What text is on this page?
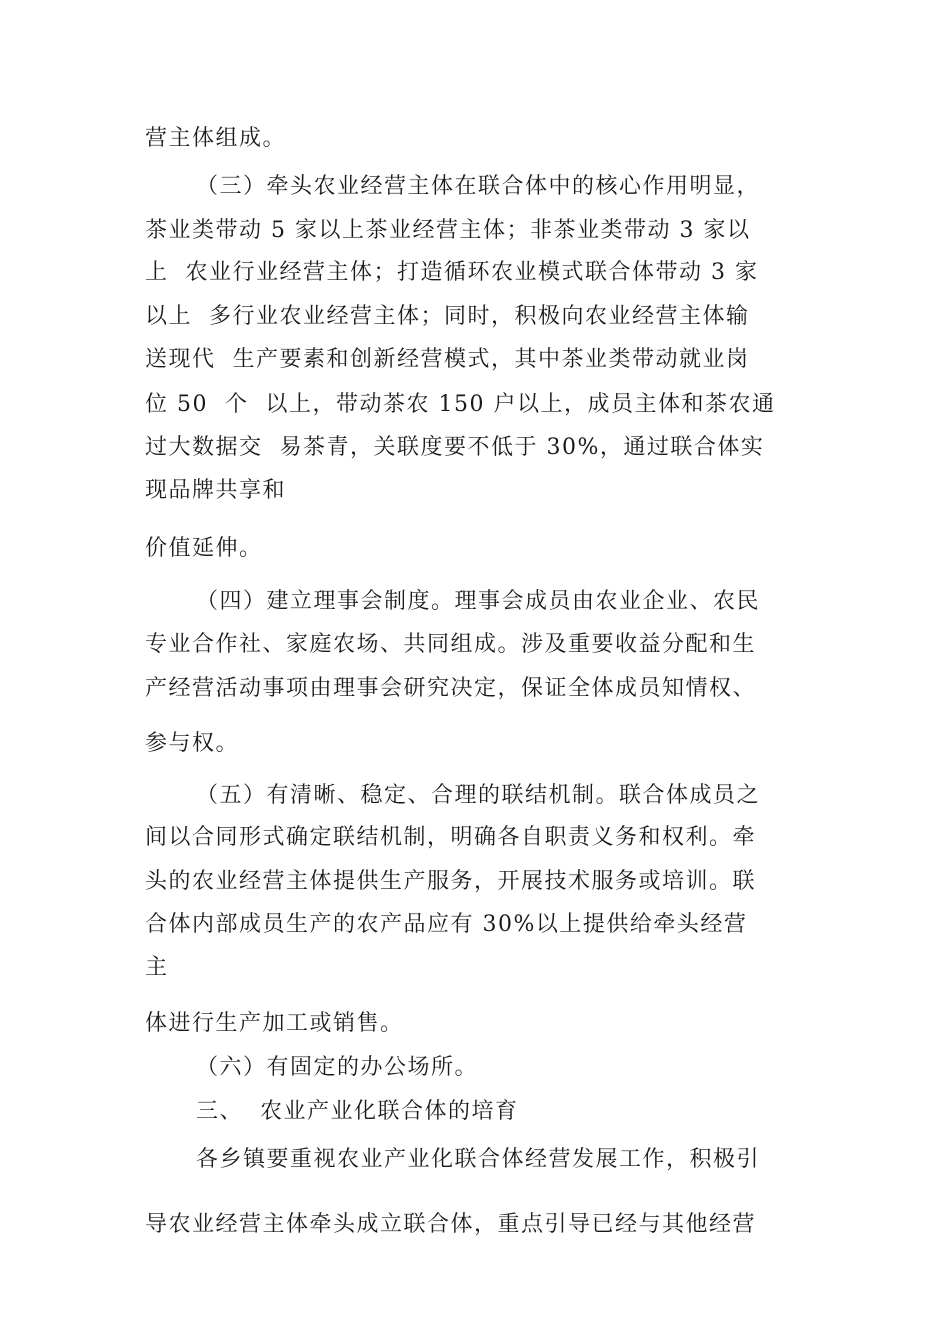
营主体组成。
（三）牵头农业经营主体在联合体中的核心作用明显，
茶业类带动 5 家以上茶业经营主体；非茶业类带动 3 家以
上  农业行业经营主体；打造循环农业模式联合体带动 3 家
以上  多行业农业经营主体；同时，积极向农业经营主体输
送现代  生产要素和创新经营模式，其中茶业类带动就业岗
位 50  个  以上，带动茶农 150 户以上，成员主体和茶农通
过大数据交  易茶青，关联度要不低于 30%，通过联合体实
现品牌共享和
价值延伸。
（四）建立理事会制度。理事会成员由农业企业、农民
专业合作社、家庭农场、共同组成。涉及重要收益分配和生
产经营活动事项由理事会研究决定，保证全体成员知情权、
参与权。
（五）有清晰、稳定、合理的联结机制。联合体成员之
间以合同形式确定联结机制，明确各自职责义务和权利。牵
头的农业经营主体提供生产服务，开展技术服务或培训。联
合体内部成员生产的农产品应有 30%以上提供给牵头经营
主
体进行生产加工或销售。
（六）有固定的办公场所。
三、  农业产业化联合体的培育
各乡镇要重视农业产业化联合体经营发展工作，积极引
导农业经营主体牵头成立联合体，重点引导已经与其他经营
